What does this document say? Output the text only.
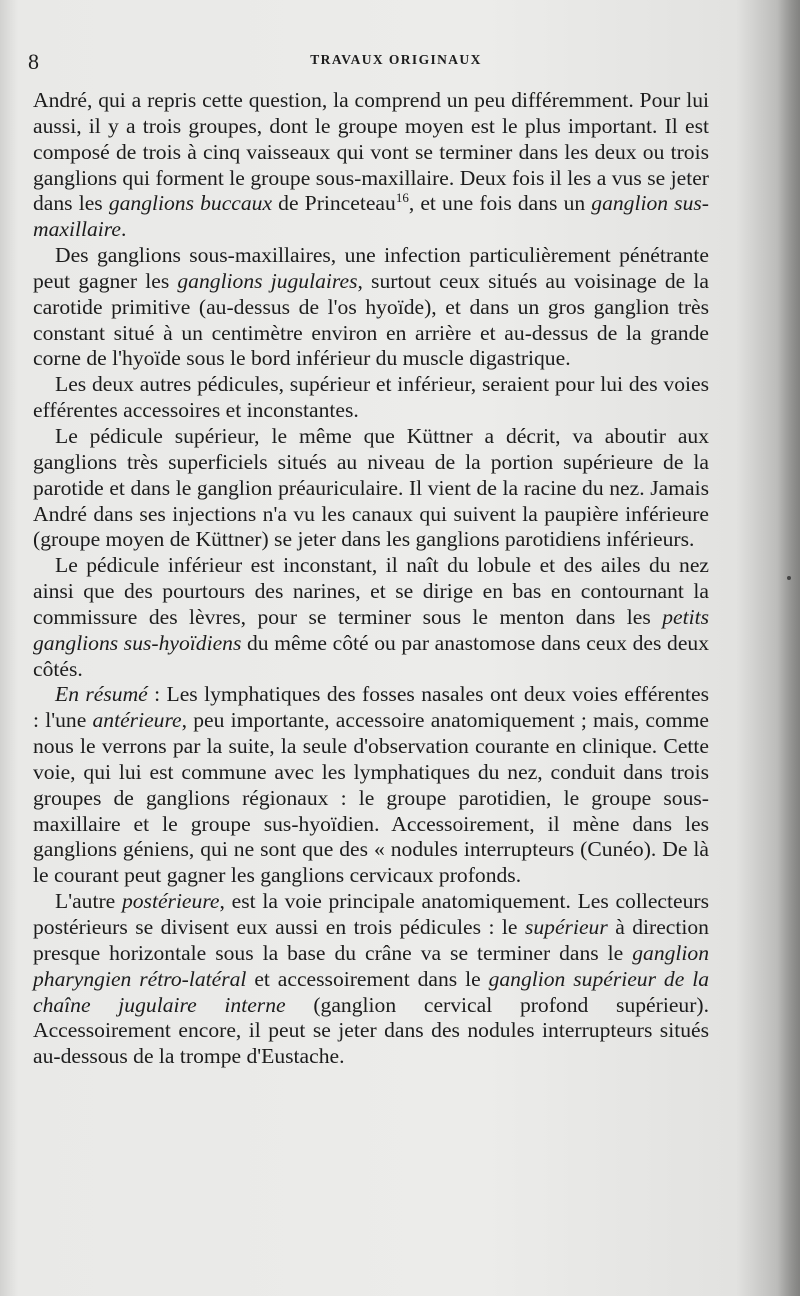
8	TRAVAUX ORIGINAUX

André, qui a repris cette question, la comprend un peu différemment. Pour lui aussi, il y a trois groupes, dont le groupe moyen est le plus important. Il est composé de trois à cinq vaisseaux qui vont se terminer dans les deux ou trois ganglions qui forment le groupe sous-maxillaire. Deux fois il les a vus se jeter dans les ganglions buccaux de Princeteau$^{16}$, et une fois dans un ganglion sus-maxillaire.

Des ganglions sous-maxillaires, une infection particulièrement pénétrante peut gagner les ganglions jugulaires, surtout ceux situés au voisinage de la carotide primitive (au-dessus de l'os hyoïde), et dans un gros ganglion très constant situé à un centimètre environ en arrière et au-dessus de la grande corne de l'hyoïde sous le bord inférieur du muscle digastrique.

Les deux autres pédicules, supérieur et inférieur, seraient pour lui des voies efférentes accessoires et inconstantes.

Le pédicule supérieur, le même que Küttner a décrit, va aboutir aux ganglions très superficiels situés au niveau de la portion supérieure de la parotide et dans le ganglion préauriculaire. Il vient de la racine du nez. Jamais André dans ses injections n'a vu les canaux qui suivent la paupière inférieure (groupe moyen de Küttner) se jeter dans les ganglions parotidiens inférieurs.

Le pédicule inférieur est inconstant, il naît du lobule et des ailes du nez ainsi que des pourtours des narines, et se dirige en bas en contournant la commissure des lèvres, pour se terminer sous le menton dans les petits ganglions sus-hyoïdiens du même côté ou par anastomose dans ceux des deux côtés.

En résumé : Les lymphatiques des fosses nasales ont deux voies efférentes : l'une antérieure, peu importante, accessoire anatomiquement ; mais, comme nous le verrons par la suite, la seule d'observation courante en clinique. Cette voie, qui lui est commune avec les lymphatiques du nez, conduit dans trois groupes de ganglions régionaux : le groupe parotidien, le groupe sous-maxillaire et le groupe sus-hyoïdien. Accessoirement, il mène dans les ganglions géniens, qui ne sont que des « nodules interrupteurs (Cunéo). De là le courant peut gagner les ganglions cervicaux profonds.

L'autre postérieure, est la voie principale anatomiquement. Les collecteurs postérieurs se divisent eux aussi en trois pédicules : le supérieur à direction presque horizontale sous la base du crâne va se terminer dans le ganglion pharyngien rétro-latéral et accessoirement dans le ganglion supérieur de la chaîne jugulaire interne (ganglion cervical profond supérieur). Accessoirement encore, il peut se jeter dans des nodules interrupteurs situés au-dessous de la trompe d'Eustache.
